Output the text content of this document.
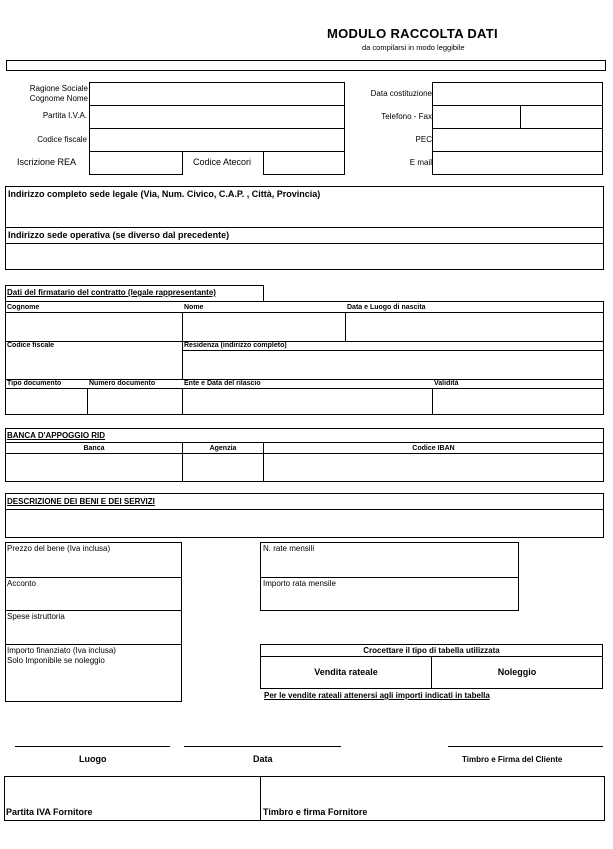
MODULO RACCOLTA DATI
da compilarsi in modo leggibile
Ragione Sociale
Cognome Nome
Partita I.V.A.
Codice fiscale
Iscrizione REA	Codice Atecori
Data costituzione
Telefono - Fax
PEC
E mail
Indirizzo completo sede legale (Via, Num. Civico, C.A.P. , Città, Provincia)
Indirizzo sede operativa (se diverso dal precedente)
Dati del firmatario del contratto (legale rappresentante)
Cognome	Nome	Data e Luogo di nascita
Codice fiscale	Residenza (indirizzo completo)
Tipo documento	Numero documento	Ente e Data del rilascio	Validità
BANCA D'APPOGGIO RID
Banca	Agenzia	Codice IBAN
DESCRIZIONE DEI BENI E DEI SERVIZI
Prezzo del bene (Iva inclusa)
Acconto
Spese istruttoria
Importo finanziato (Iva inclusa)
Solo Imponibile se noleggio
N. rate mensili
Importo rata mensile
Crocettare il tipo di tabella utilizzata
Vendita rateale	Noleggio
Per le vendite rateali attenersi agli importi indicati in tabella
Luogo	Data	Timbro e Firma del Cliente
Partita IVA Fornitore	Timbro e firma Fornitore
